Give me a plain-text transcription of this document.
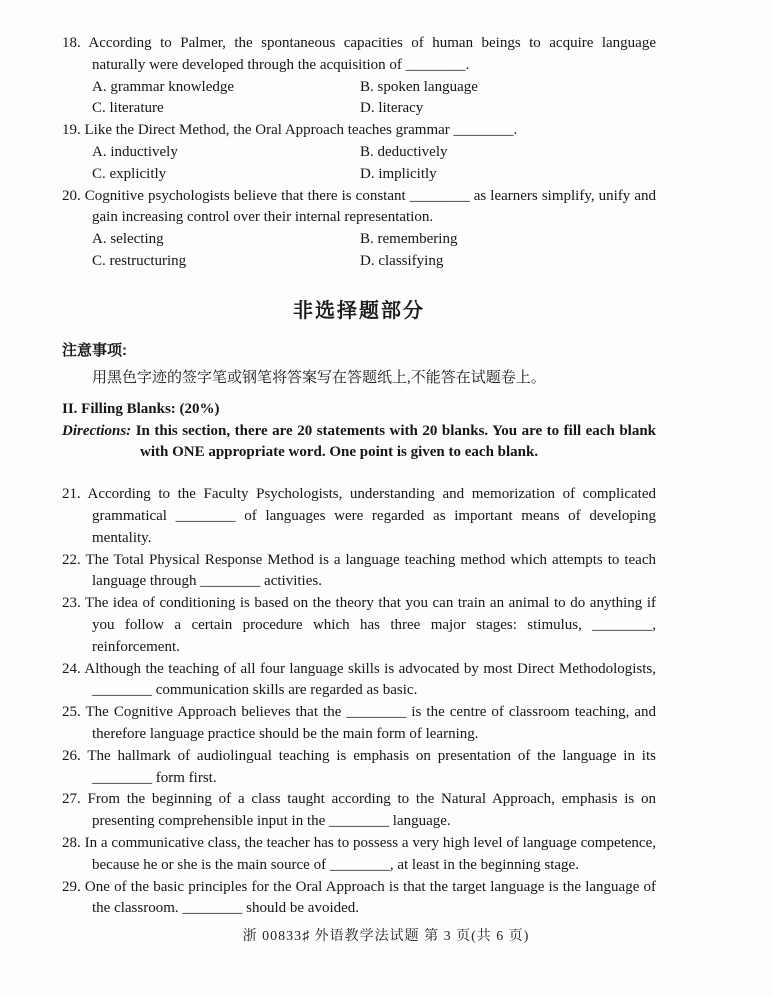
18. According to Palmer, the spontaneous capacities of human beings to acquire language naturally were developed through the acquisition of ________.

A. grammar knowledge	B. spoken language
C. literature	D. literacy

19. Like the Direct Method, the Oral Approach teaches grammar ________.

A. inductively	B. deductively
C. explicitly	D. implicitly

20. Cognitive psychologists believe that there is constant ________ as learners simplify, unify and gain increasing control over their internal representation.

A. selecting	B. remembering
C. restructuring	D. classifying
非选择题部分

注意事项:

用黑色字迹的签字笔或钢笔将答案写在答题纸上,不能答在试题卷上。

II. Filling Blanks: (20%)

Directions: In this section, there are 20 statements with 20 blanks. You are to fill each blank with ONE appropriate word. One point is given to each blank.

21. According to the Faculty Psychologists, understanding and memorization of complicated grammatical ________ of languages were regarded as important means of developing mentality.

22. The Total Physical Response Method is a language teaching method which attempts to teach language through ________ activities.

23. The idea of conditioning is based on the theory that you can train an animal to do anything if you follow a certain procedure which has three major stages: stimulus, ________, reinforcement.

24. Although the teaching of all four language skills is advocated by most Direct Methodologists, ________ communication skills are regarded as basic.

25. The Cognitive Approach believes that the ________ is the centre of classroom teaching, and therefore language practice should be the main form of learning.

26. The hallmark of audiolingual teaching is emphasis on presentation of the language in its ________ form first.

27. From the beginning of a class taught according to the Natural Approach, emphasis is on presenting comprehensible input in the ________ language.

28. In a communicative class, the teacher has to possess a very high level of language competence, because he or she is the main source of ________, at least in the beginning stage.

29. One of the basic principles for the Oral Approach is that the target language is the language of the classroom. ________ should be avoided.

浙 00833♯ 外语教学法试题 第 3 页(共 6 页)
